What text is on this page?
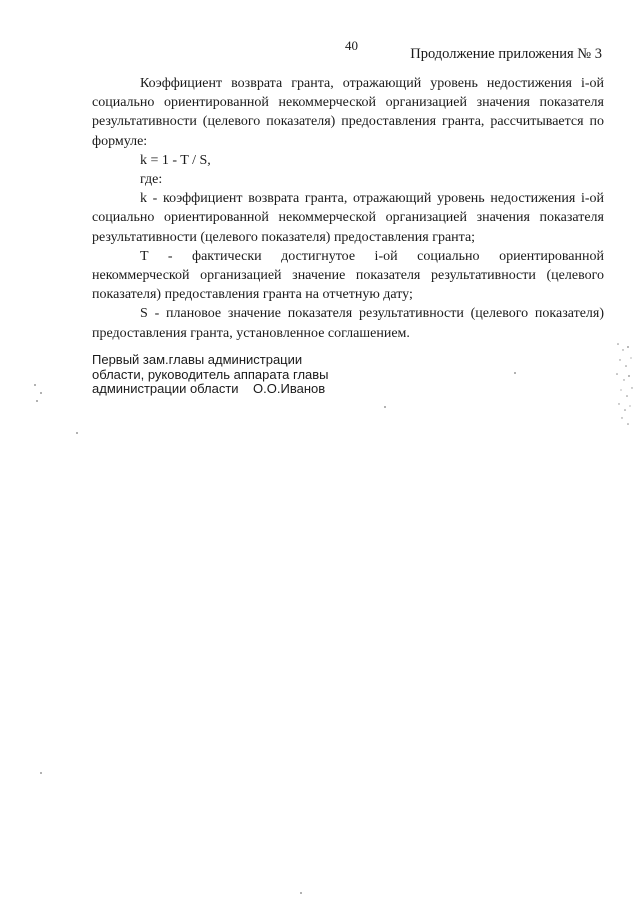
40
Продолжение приложения № 3

Коэффициент возврата гранта, отражающий уровень недостижения i-ой социально ориентированной некоммерческой организацией значения показателя результативности (целевого показателя) предоставления гранта, рассчитывается по формуле:

k = 1 - T / S,

где:

k - коэффициент возврата гранта, отражающий уровень недостижения i-ой социально ориентированной некоммерческой организацией значения показателя результативности (целевого показателя) предоставления гранта;

T - фактически достигнутое i-ой социально ориентированной некоммерческой организацией значение показателя результативности (целевого показателя) предоставления гранта на отчетную дату;

S - плановое значение показателя результативности (целевого показателя) предоставления гранта, установленное соглашением.

Первый зам.главы администрации
области, руководитель аппарата главы
администрации области О.О.Иванов
